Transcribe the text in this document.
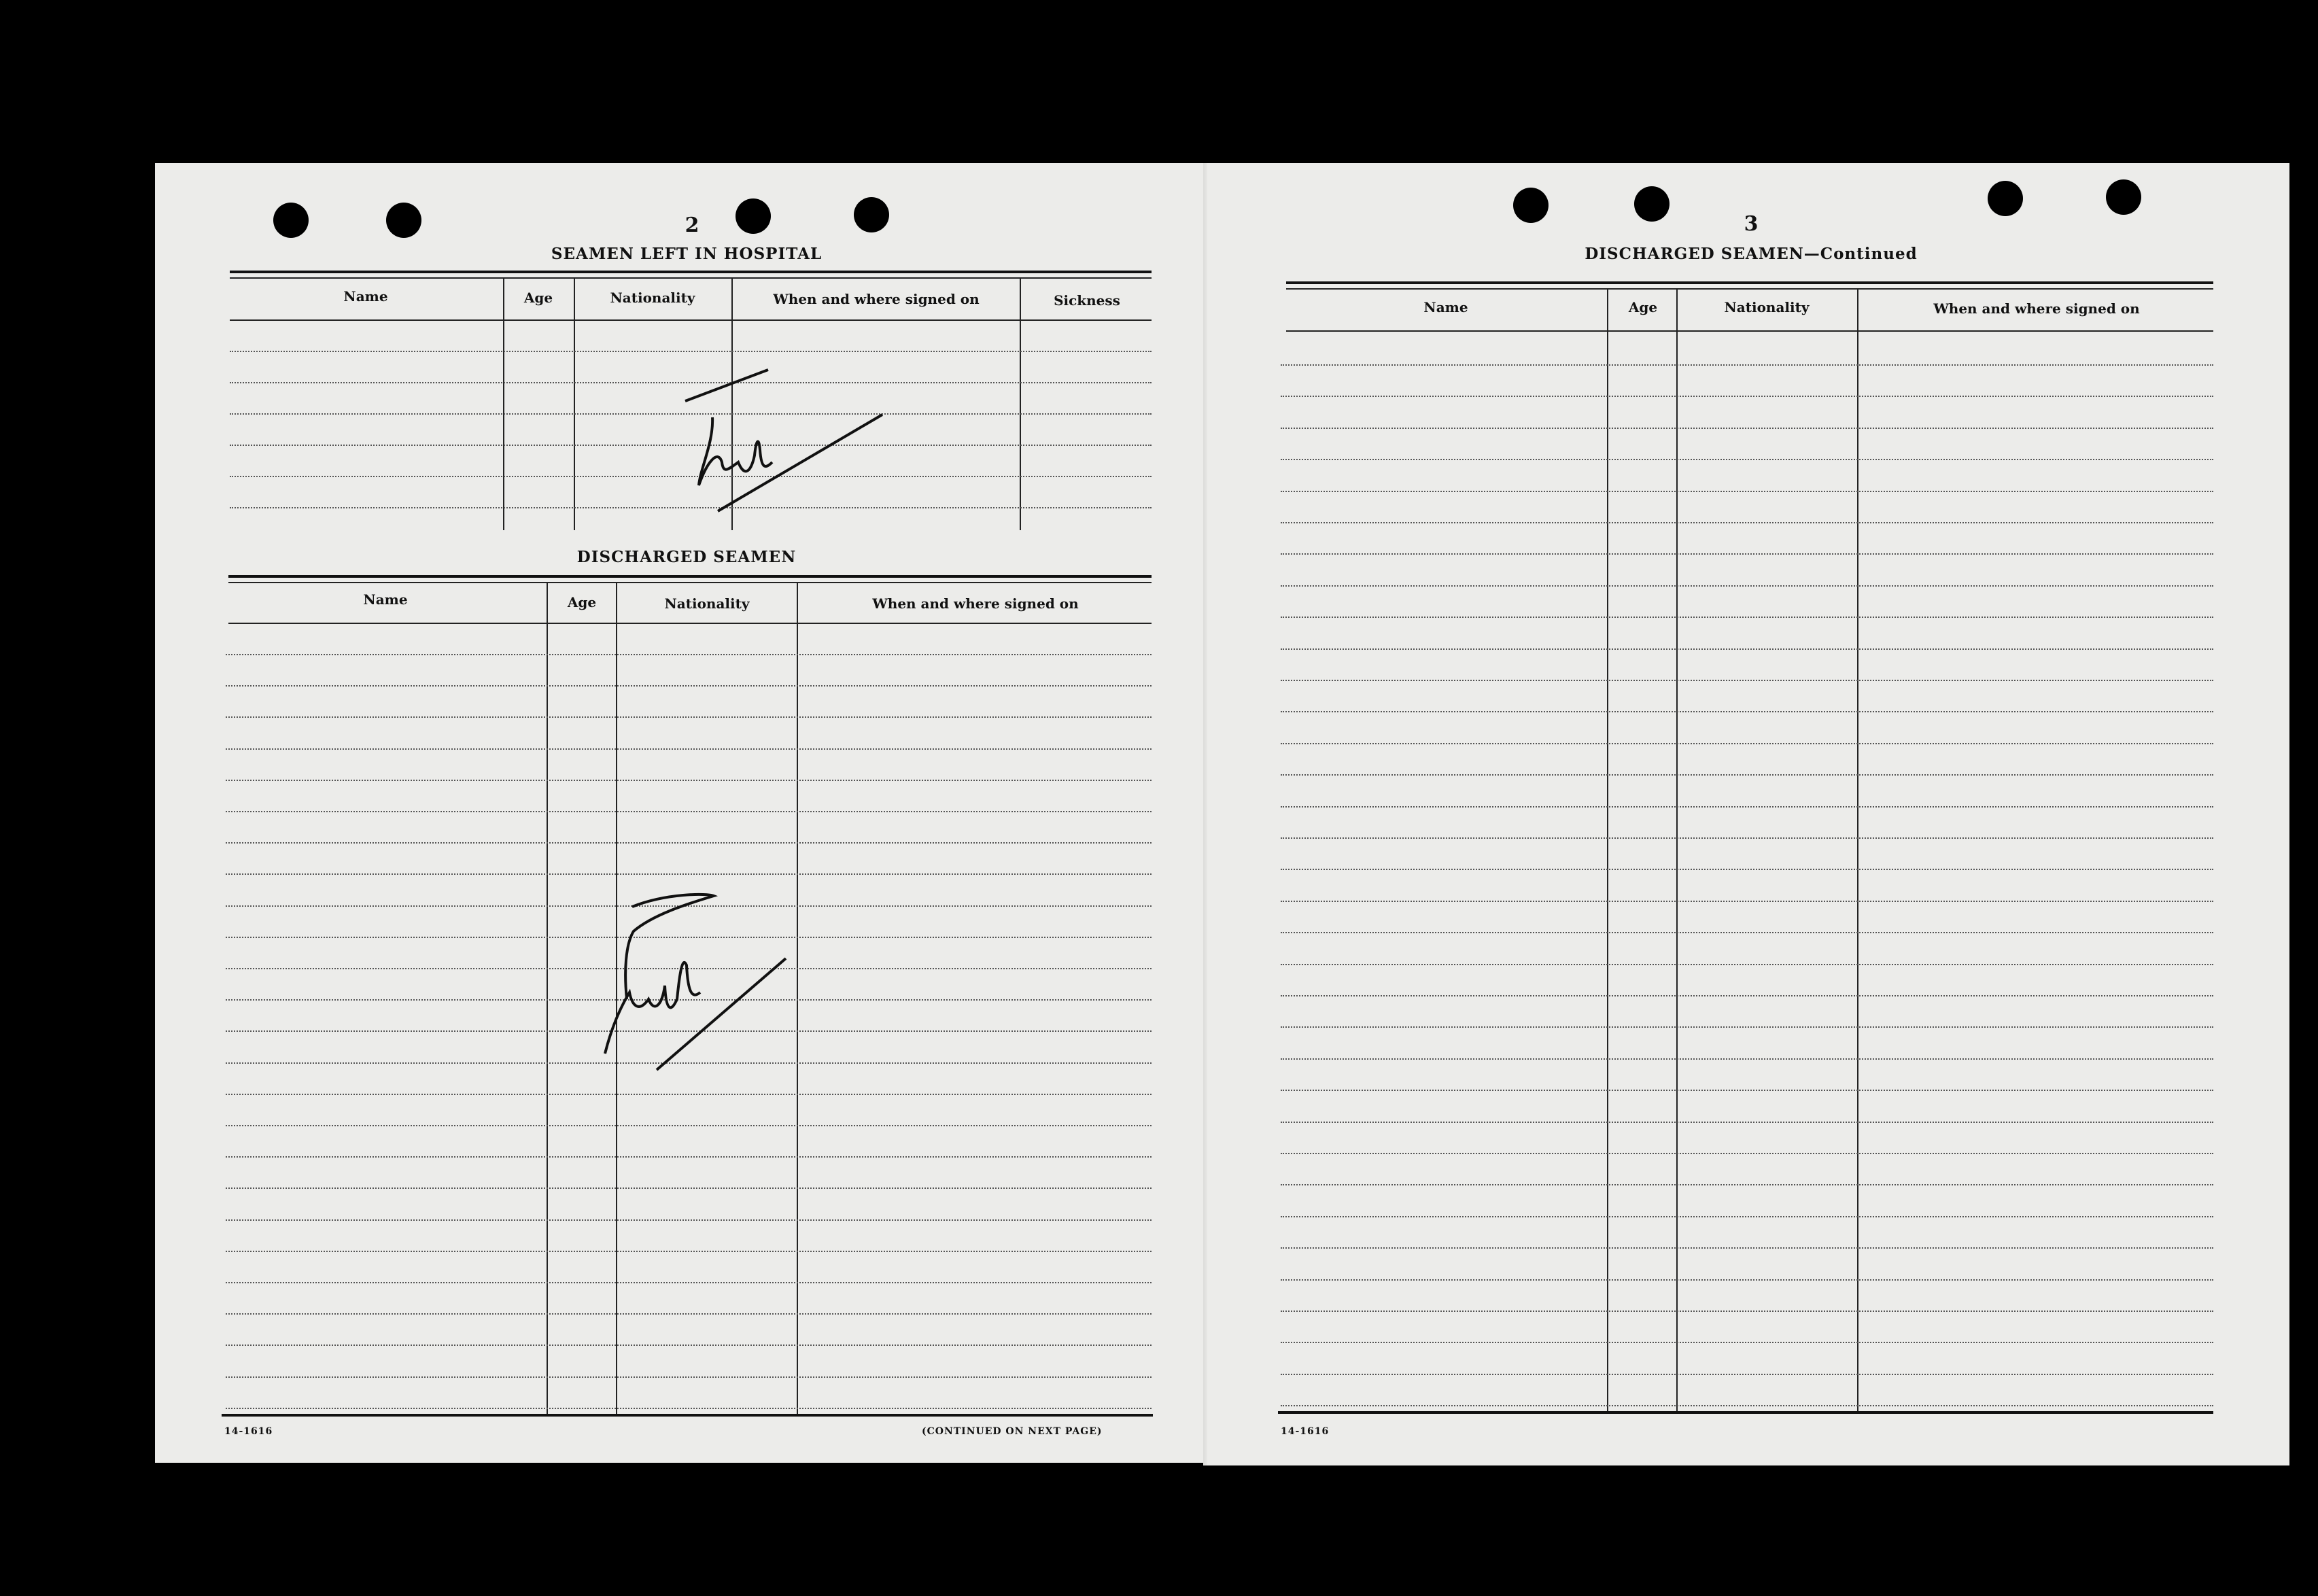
2
SEAMEN LEFT IN HOSPITAL
Name	Age	Nationality	When and where signed on	Sickness
DISCHARGED SEAMEN
Name	Age	Nationality	When and where signed on
14-1616	(CONTINUED ON NEXT PAGE)
3
DISCHARGED SEAMEN—Continued
Name	Age	Nationality	When and where signed on
14-1616
